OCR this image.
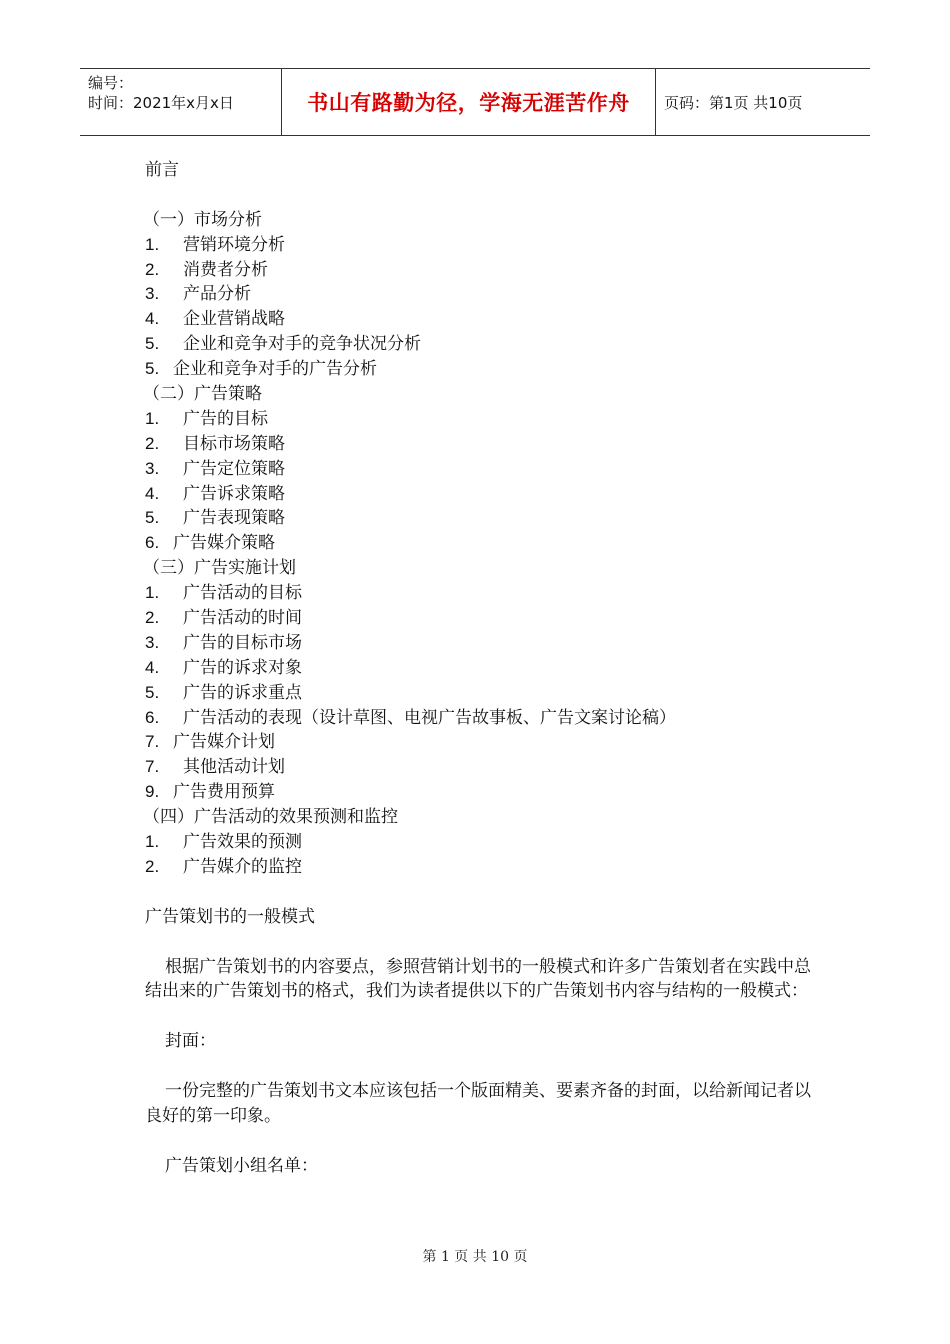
编号：
时间：2021年x月x日	书山有路勤为径，学海无涯苦作舟 页码：第1页 共10页
前言
（一）市场分析
1. 营销环境分析
2. 消费者分析
3. 产品分析
4. 企业营销战略
5. 企业和竞争对手的竞争状况分析
5. 企业和竞争对手的广告分析
（二）广告策略
1. 广告的目标
2. 目标市场策略
3. 广告定位策略
4. 广告诉求策略
5. 广告表现策略
6. 广告媒介策略
（三）广告实施计划
1. 广告活动的目标
2. 广告活动的时间
3. 广告的目标市场
4. 广告的诉求对象
5. 广告的诉求重点
6. 广告活动的表现（设计草图、电视广告故事板、广告文案讨论稿）
7. 广告媒介计划
7. 其他活动计划
9. 广告费用预算
（四）广告活动的效果预测和监控
1. 广告效果的预测
2. 广告媒介的监控
广告策划书的一般模式
根据广告策划书的内容要点，参照营销计划书的一般模式和许多广告策划者在实践中总结出来的广告策划书的格式，我们为读者提供以下的广告策划书内容与结构的一般模式：
封面：
一份完整的广告策划书文本应该包括一个版面精美、要素齐备的封面，以给新闻记者以良好的第一印象。
广告策划小组名单：
第 1 页 共 10 页
